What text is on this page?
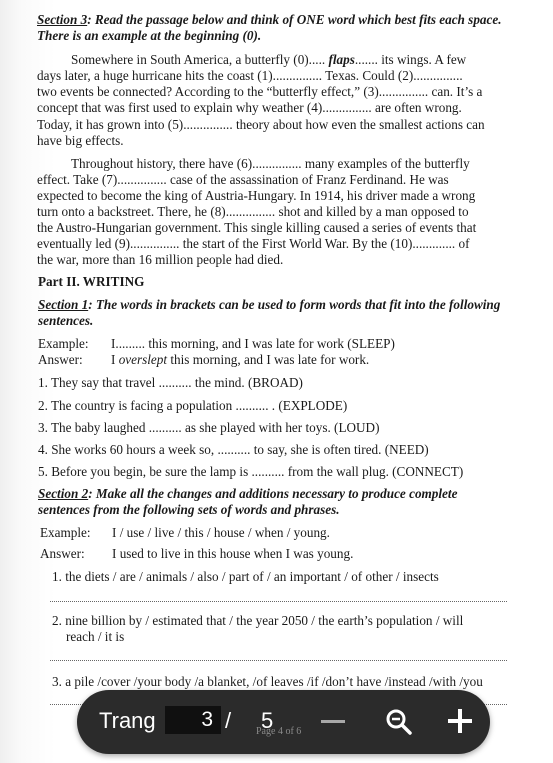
Section 3: Read the passage below and think of ONE word which best fits each space.
There is an example at the beginning (0).
Somewhere in South America, a butterfly (0)..... flaps....... its wings. A few
days later, a huge hurricane hits the coast (1)............... Texas. Could (2)...............
two events be connected? According to the “butterfly effect,” (3)............... can. It’s a
concept that was first used to explain why weather (4)............... are often wrong.
Today, it has grown into (5)............... theory about how even the smallest actions can
have big effects.
Throughout history, there have (6)............... many examples of the butterfly
effect. Take (7)............... case of the assassination of Franz Ferdinand. He was
expected to become the king of Austria-Hungary. In 1914, his driver made a wrong
turn onto a backstreet. There, he (8)............... shot and killed by a man opposed to
the Austro-Hungarian government. This single killing caused a series of events that
eventually led (9)............... the start of the First World War. By the (10)............. of
the war, more than 16 million people had died.
Part II. WRITING
Section 1: The words in brackets can be used to form words that fit into the following
sentences.
Example: I......... this morning, and I was late for work (SLEEP)
Answer: I overslept this morning, and I was late for work.
1. They say that travel .......... the mind. (BROAD)
2. The country is facing a population .......... . (EXPLODE)
3. The baby laughed .......... as she played with her toys. (LOUD)
4. She works 60 hours a week so, .......... to say, she is often tired. (NEED)
5. Before you begin, be sure the lamp is .......... from the wall plug. (CONNECT)
Section 2: Make all the changes and additions necessary to produce complete
sentences from the following sets of words and phrases.
Example: I / use / live / this / house / when / young.
Answer: I used to live in this house when I was young.
1. the diets / are / animals / also / part of / an important / of other / insects
2. nine billion by / estimated that / the year 2050 / the earth’s population / will
reach / it is
3. a pile /cover /your body /a blanket, /of leaves /if /don’t have /instead /with /you
Trang	3 / 5
Page 4 of 6
